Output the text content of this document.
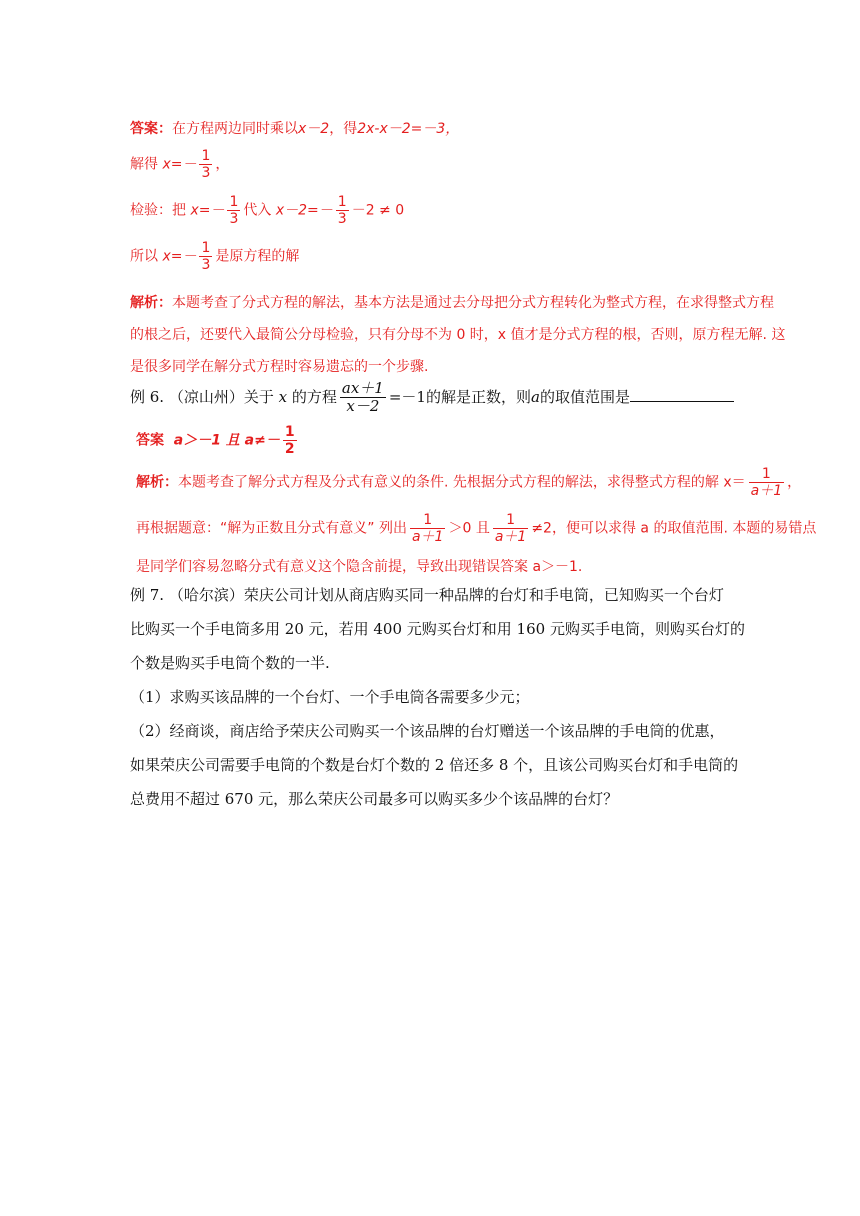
答案：在方程两边同时乘以x－2，得2x-x－2=－3，
解得 $x=- \frac{1}{3}$ ，
检验：把 $x=- \frac{1}{3}$ 代入 $x-2=- \frac{1}{3} -2 \ne 0$
所以 $x=- \frac{1}{3}$ 是原方程的解
解析：本题考查了分式方程的解法，基本方法是通过去分母把分式方程转化为整式方程，在求得整式方程
的根之后，还要代入最简公分母检验，只有分母不为 0 时，x 值才是分式方程的根，否则，原方程无解. 这
是很多同学在解分式方程时容易遗忘的一个步骤.
例 6. （凉山州）关于 x 的方程 $\frac{ax+1}{x-2} =-1$的解是正数，则a的取值范围是
答案 a＞－1 且 $a\ne- \frac{1}{2}$
解析：本题考查了解分式方程及分式有意义的条件. 先根据分式方程的解法，求得整式方程的解 $x= \frac{1}{a+1}$ ，
再根据题意：“解为正数且分式有意义” 列出 $\frac{1}{a+1} >0$ 且 $\frac{1}{a+1} \ne 2$，便可以求得 a 的取值范围. 本题的易错点
是同学们容易忽略分式有意义这个隐含前提，导致出现错误答案 a＞－1.
例 7. （哈尔滨）荣庆公司计划从商店购买同一种品牌的台灯和手电筒，已知购买一个台灯
比购买一个手电筒多用 20 元，若用 400 元购买台灯和用 160 元购买手电筒，则购买台灯的
个数是购买手电筒个数的一半.
（1）求购买该品牌的一个台灯、一个手电筒各需要多少元；
（2）经商谈，商店给予荣庆公司购买一个该品牌的台灯赠送一个该品牌的手电筒的优惠，
如果荣庆公司需要手电筒的个数是台灯个数的 2 倍还多 8 个，且该公司购买台灯和手电筒的
总费用不超过 670 元，那么荣庆公司最多可以购买多少个该品牌的台灯？
